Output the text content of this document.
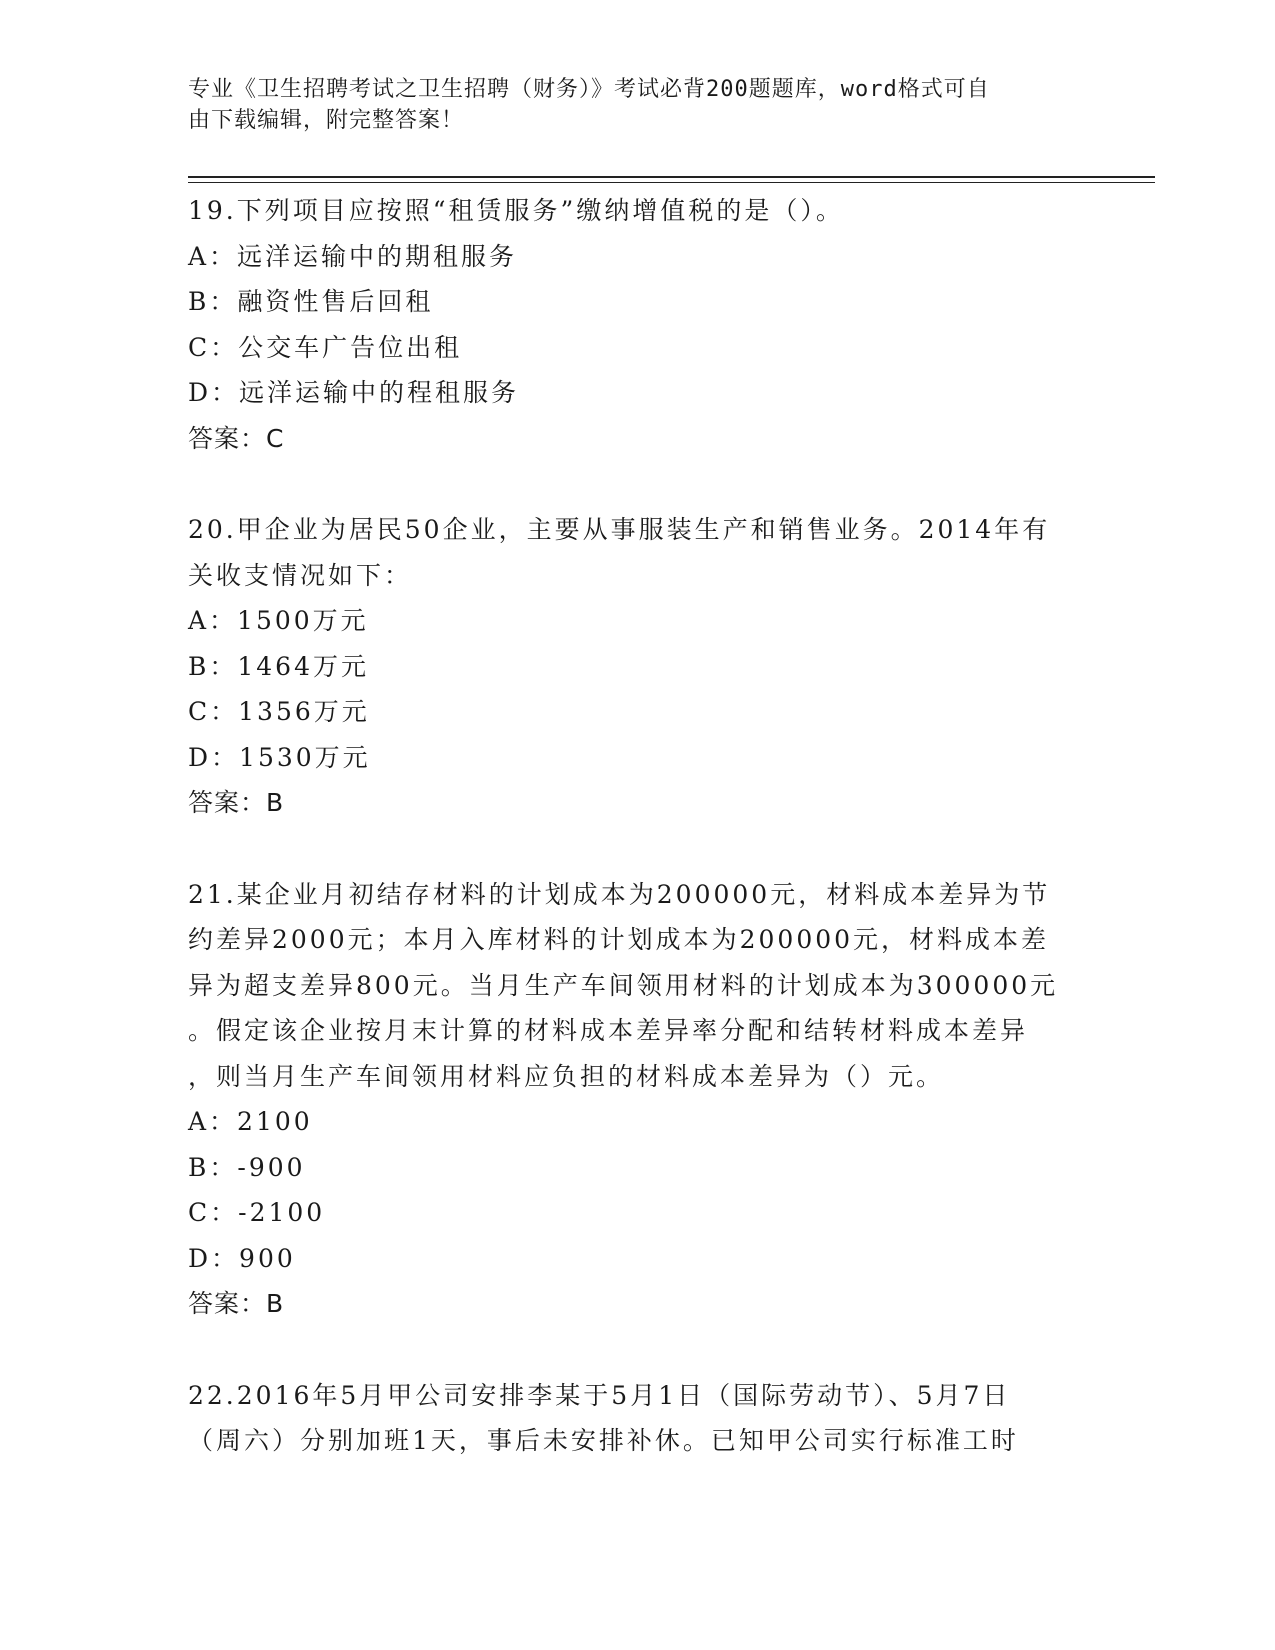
专业《卫生招聘考试之卫生招聘（财务）》考试必背200题题库，word格式可自
由下载编辑，附完整答案！
19.下列项目应按照“租赁服务”缴纳增值税的是（）。
A：远洋运输中的期租服务
B：融资性售后回租
C：公交车广告位出租
D：远洋运输中的程租服务
答案：C
20.甲企业为居民50企业，主要从事服装生产和销售业务。2014年有
关收支情况如下：
A：1500万元
B：1464万元
C：1356万元
D：1530万元
答案：B
21.某企业月初结存材料的计划成本为200000元，材料成本差异为节
约差异2000元；本月入库材料的计划成本为200000元，材料成本差
异为超支差异800元。当月生产车间领用材料的计划成本为300000元
。假定该企业按月末计算的材料成本差异率分配和结转材料成本差异
，则当月生产车间领用材料应负担的材料成本差异为（）元。
A：2100
B：-900
C：-2100
D：900
答案：B
22.2016年5月甲公司安排李某于5月1日（国际劳动节）、5月7日
（周六）分别加班1天，事后未安排补休。已知甲公司实行标准工时
